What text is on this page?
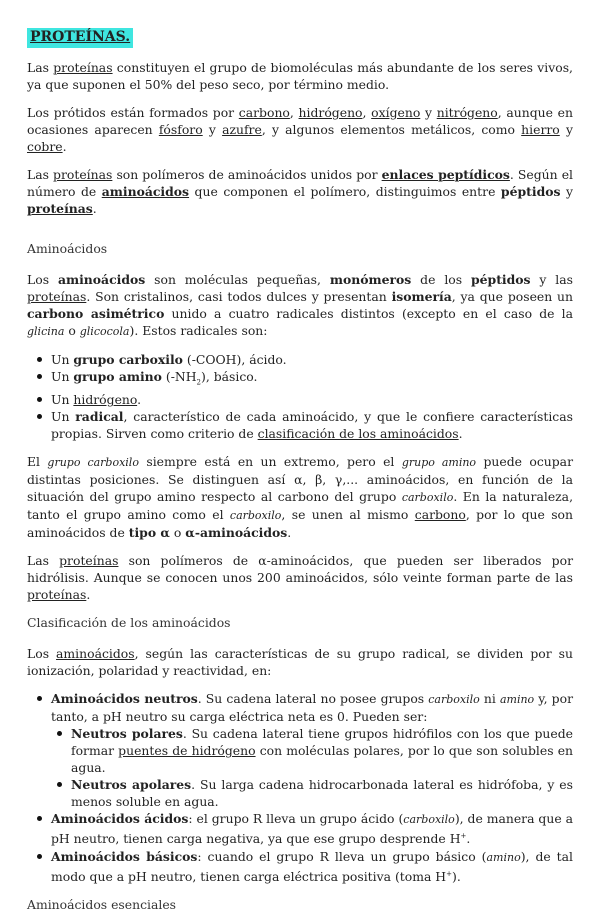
PROTEÍNAS.

Las proteínas constituyen el grupo de biomoléculas más abundante de los seres vivos, ya que suponen el 50% del peso seco, por término medio.

Los prótidos están formados por carbono, hidrógeno, oxígeno y nitrógeno, aunque en ocasiones aparecen fósforo y azufre, y algunos elementos metálicos, como hierro y cobre.

Las proteínas son polímeros de aminoácidos unidos por enlaces peptídicos. Según el número de aminoácidos que componen el polímero, distinguimos entre péptidos y proteínas.

Aminoácidos

Los aminoácidos son moléculas pequeñas, monómeros de los péptidos y las proteínas. Son cristalinos, casi todos dulces y presentan isomería, ya que poseen un carbono asimétrico unido a cuatro radicales distintos (excepto en el caso de la glicina o glicocola). Estos radicales son:

Un grupo carboxilo (-COOH), ácido.
Un grupo amino $(-NH_2)$, básico.
Un hidrógeno.
Un radical, característico de cada aminoácido, y que le confiere características propias. Sirven como criterio de clasificación de los aminoácidos.

El grupo carboxilo siempre está en un extremo, pero el grupo amino puede ocupar distintas posiciones. Se distinguen así α, β, γ,... aminoácidos, en función de la situación del grupo amino respecto al carbono del grupo carboxilo. En la naturaleza, tanto el grupo amino como el carboxilo, se unen al mismo carbono, por lo que son aminoácidos de tipo α o α-aminoácidos.

Las proteínas son polímeros de α-aminoácidos, que pueden ser liberados por hidrólisis. Aunque se conocen unos 200 aminoácidos, sólo veinte forman parte de las proteínas.

Clasificación de los aminoácidos

Los aminoácidos, según las características de su grupo radical, se dividen por su ionización, polaridad y reactividad, en:

Aminoácidos neutros. Su cadena lateral no posee grupos carboxilo ni amino y, por tanto, a pH neutro su carga eléctrica neta es 0. Pueden ser:
Neutros polares. Su cadena lateral tiene grupos hidrófilos con los que puede formar puentes de hidrógeno con moléculas polares, por lo que son solubles en agua.
Neutros apolares. Su larga cadena hidrocarbonada lateral es hidrófoba, y es menos soluble en agua.
Aminoácidos ácidos: el grupo R lleva un grupo ácido (carboxilo), de manera que a pH neutro, tienen carga negativa, ya que ese grupo desprende H+.
Aminoácidos básicos: cuando el grupo R lleva un grupo básico (amino), de tal modo que a pH neutro, tienen carga eléctrica positiva (toma H+).
Aminoácidos esenciales
